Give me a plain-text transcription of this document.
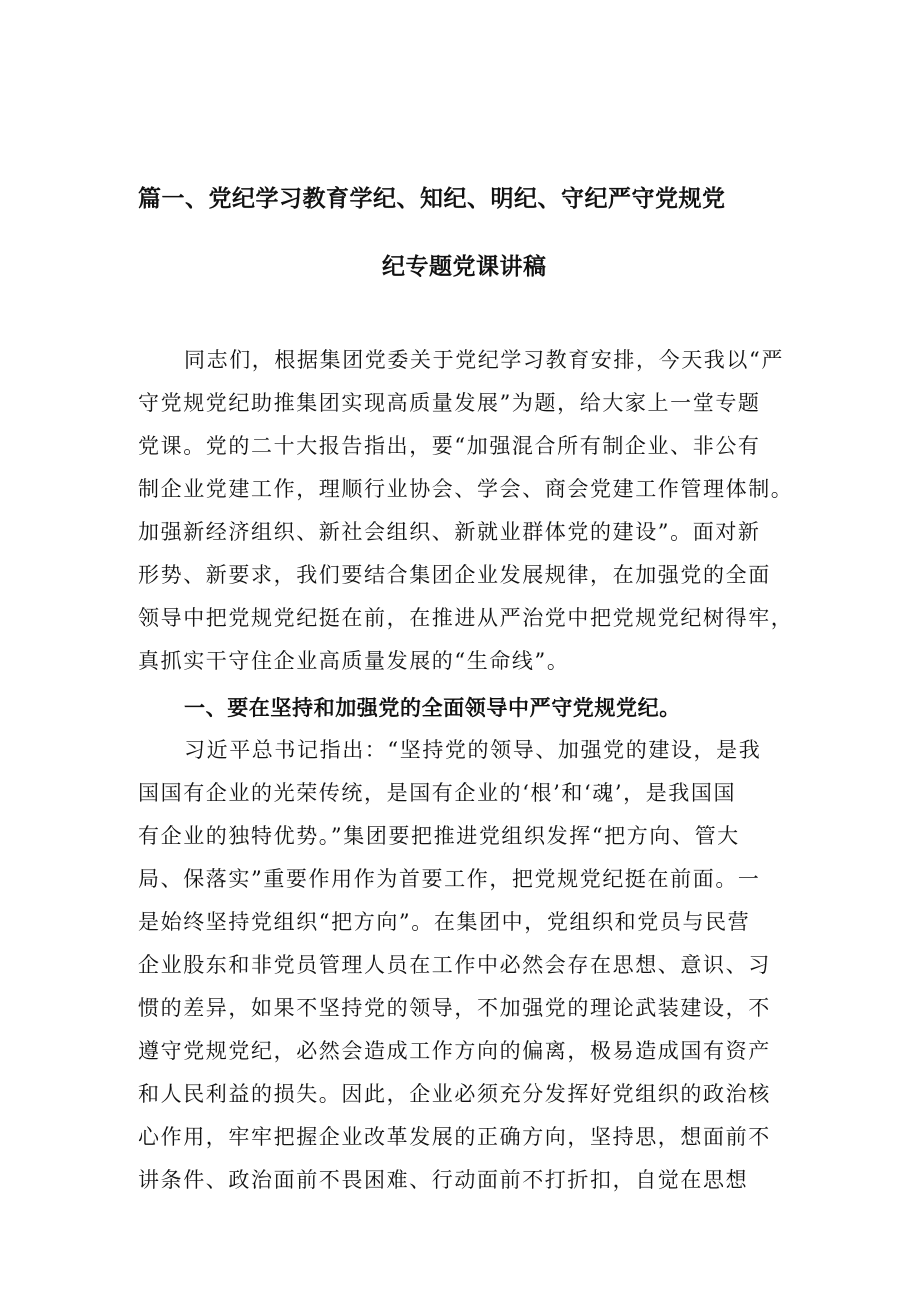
篇一、党纪学习教育学纪、知纪、明纪、守纪严守党规党
纪专题党课讲稿
同志们，根据集团党委关于党纪学习教育安排，今天我以“严
守党规党纪助推集团实现高质量发展”为题，给大家上一堂专题
党课。党的二十大报告指出，要“加强混合所有制企业、非公有
制企业党建工作，理顺行业协会、学会、商会党建工作管理体制。
加强新经济组织、新社会组织、新就业群体党的建设”。面对新
形势、新要求，我们要结合集团企业发展规律，在加强党的全面
领导中把党规党纪挺在前，在推进从严治党中把党规党纪树得牢，
真抓实干守住企业高质量发展的“生命线”。
一、要在坚持和加强党的全面领导中严守党规党纪。
习近平总书记指出：“坚持党的领导、加强党的建设，是我
国国有企业的光荣传统，是国有企业的‘根’和‘魂’，是我国国
有企业的独特优势。”集团要把推进党组织发挥“把方向、管大
局、保落实”重要作用作为首要工作，把党规党纪挺在前面。一
是始终坚持党组织“把方向”。在集团中，党组织和党员与民营
企业股东和非党员管理人员在工作中必然会存在思想、意识、习
惯的差异，如果不坚持党的领导，不加强党的理论武装建设，不
遵守党规党纪，必然会造成工作方向的偏离，极易造成国有资产
和人民利益的损失。因此，企业必须充分发挥好党组织的政治核
心作用，牢牢把握企业改革发展的正确方向，坚持思，想面前不
讲条件、政治面前不畏困难、行动面前不打折扣，自觉在思想
